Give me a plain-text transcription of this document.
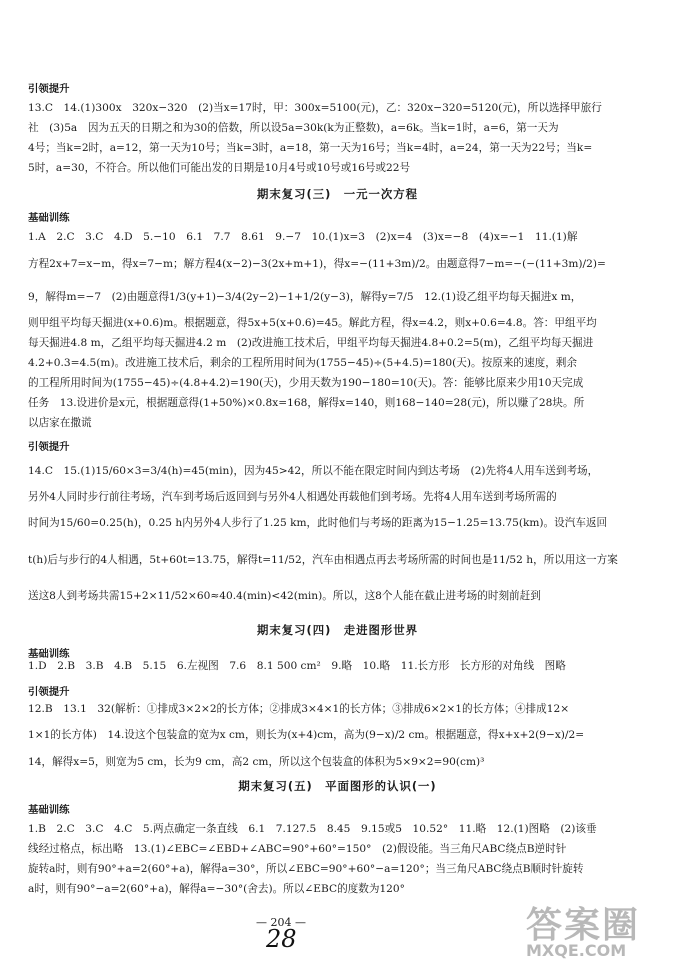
引领提升
13.C　14.(1)300x　320x−320　(2)当x=17时，甲：300x=5100(元)，乙：320x−320=5120(元)，所以选择甲旅行
社　(3)5a　因为五天的日期之和为30的倍数，所以设5a=30k(k为正整数)，a=6k。当k=1时，a=6，第一天为
4号；当k=2时，a=12，第一天为10号；当k=3时，a=18，第一天为16号；当k=4时，a=24，第一天为22号；当k=
5时，a=30，不符合。所以他们可能出发的日期是10月4号或10号或16号或22号
期末复习(三)　一元一次方程
基础训练
1.A　2.C　3.C　4.D　5.−10　6.1　7.7　8.61　9.−7　10.(1)x=3　(2)x=4　(3)x=−8　(4)x=−1　11.(1)解
方程2x+7=x−m，得x=7−m；解方程4(x−2)−3(2x+m+1)，得x=−(11+3m)/2。由题意得7−m=−(−(11+3m)/2)=
9，解得m=−7　(2)由题意得1/3(y+1)−3/4(2y−2)−1+1/2(y−3)，解得y=7/5　12.(1)设乙组平均每天掘进x m，
则甲组平均每天掘进(x+0.6)m。根据题意，得5x+5(x+0.6)=45。解此方程，得x=4.2，则x+0.6=4.8。答：甲组平均
每天掘进4.8 m，乙组平均每天掘进4.2 m　(2)改进施工技术后，甲组平均每天掘进4.8+0.2=5(m)，乙组平均每天掘进
4.2+0.3=4.5(m)。改进施工技术后，剩余的工程所用时间为(1755−45)÷(5+4.5)=180(天)。按原来的速度，剩余
的工程所用时间为(1755−45)÷(4.8+4.2)=190(天)，少用天数为190−180=10(天)。答：能够比原来少用10天完成
任务　13.设进价是x元，根据题意得(1+50%)×0.8x=168，解得x=140，则168−140=28(元)，所以赚了28块。所
以店家在撒谎
引领提升
14.C　15.(1)15/60×3=3/4(h)=45(min)，因为45>42，所以不能在限定时间内到达考场　(2)先将4人用车送到考场，
另外4人同时步行前往考场，汽车到考场后返回到与另外4人相遇处再载他们到考场。先将4人用车送到考场所需的
时间为15/60=0.25(h)，0.25 h内另外4人步行了1.25 km，此时他们与考场的距离为15−1.25=13.75(km)。设汽车返回
t(h)后与步行的4人相遇，5t+60t=13.75，解得t=11/52，汽车由相遇点再去考场所需的时间也是11/52 h，所以用这一方案
送这8人到考场共需15+2×11/52×60≈40.4(min)<42(min)。所以，这8个人能在截止进考场的时刻前赶到
期末复习(四)　走进图形世界
基础训练
1.D　2.B　3.B　4.B　5.15　6.左视图　7.6　8.1 500 cm²　9.略　10.略　11.长方形　长方形的对角线　图略
引领提升
12.B　13.1　32(解析：①排成3×2×2的长方体；②排成3×4×1的长方体；③排成6×2×1的长方体；④排成12×
1×1的长方体)　14.设这个包装盒的宽为x cm，则长为(x+4)cm，高为(9−x)/2 cm。根据题意，得x+x+2(9−x)/2=
14，解得x=5，则宽为5 cm，长为9 cm，高2 cm，所以这个包装盒的体积为5×9×2=90(cm)³
期末复习(五)　平面图形的认识(一)
基础训练
1.B　2.C　3.C　4.C　5.两点确定一条直线　6.1　7.127.5　8.45　9.15或5　10.52°　11.略　12.(1)图略　(2)该垂
线经过格点，标出略　13.(1)∠EBC=∠EBD+∠ABC=90°+60°=150°　(2)假设能。当三角尺ABC绕点B逆时针
旋转a时，则有90°+a=2(60°+a)，解得a=30°，所以∠EBC=90°+60°−a=120°；当三角尺ABC绕点B顺时针旋转
a时，则有90°−a=2(60°+a)，解得a=−30°(舍去)。所以∠EBC的度数为120°
— 204 —
28	答案圈
MXQE.COM
